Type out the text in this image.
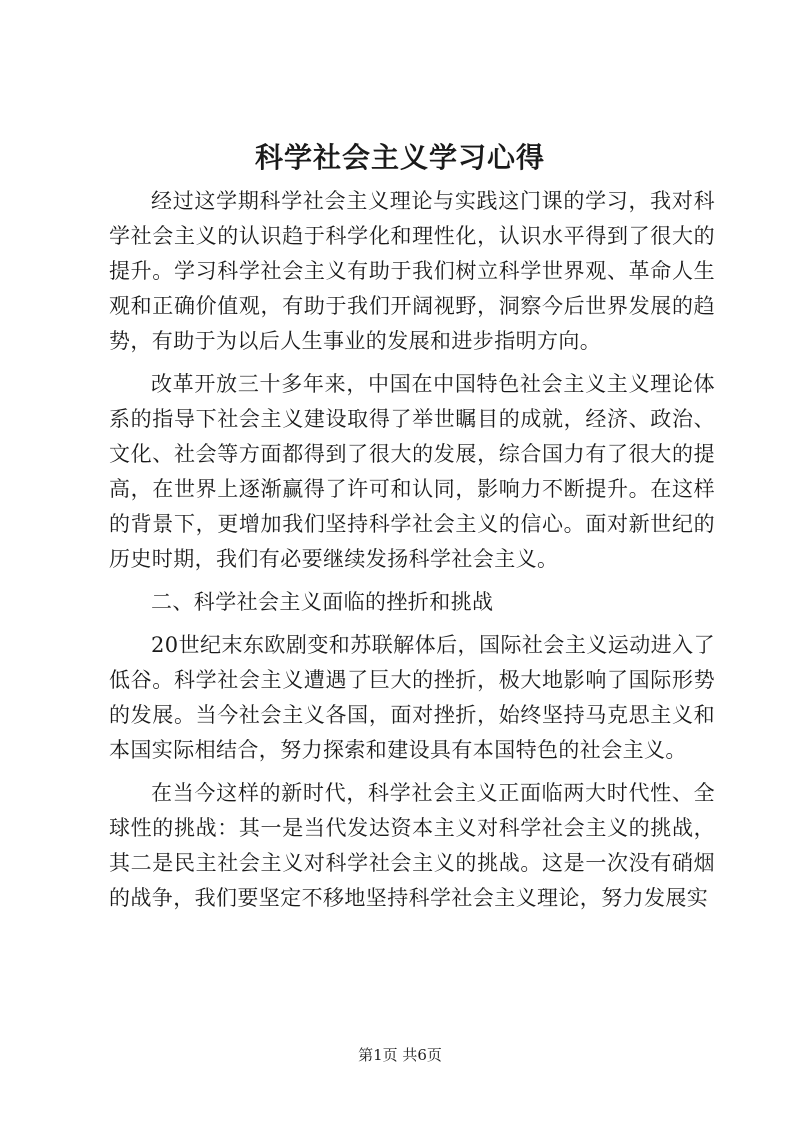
科学社会主义学习心得

经过这学期科学社会主义理论与实践这门课的学习，我对科学社会主义的认识趋于科学化和理性化，认识水平得到了很大的提升。学习科学社会主义有助于我们树立科学世界观、革命人生观和正确价值观，有助于我们开阔视野，洞察今后世界发展的趋势，有助于为以后人生事业的发展和进步指明方向。

改革开放三十多年来，中国在中国特色社会主义主义理论体系的指导下社会主义建设取得了举世瞩目的成就，经济、政治、文化、社会等方面都得到了很大的发展，综合国力有了很大的提高，在世界上逐渐赢得了许可和认同，影响力不断提升。在这样的背景下，更增加我们坚持科学社会主义的信心。面对新世纪的历史时期，我们有必要继续发扬科学社会主义。

二、科学社会主义面临的挫折和挑战

20世纪末东欧剧变和苏联解体后，国际社会主义运动进入了低谷。科学社会主义遭遇了巨大的挫折，极大地影响了国际形势的发展。当今社会主义各国，面对挫折，始终坚持马克思主义和本国实际相结合，努力探索和建设具有本国特色的社会主义。

在当今这样的新时代，科学社会主义正面临两大时代性、全球性的挑战：其一是当代发达资本主义对科学社会主义的挑战，其二是民主社会主义对科学社会主义的挑战。这是一次没有硝烟的战争，我们要坚定不移地坚持科学社会主义理论，努力发展实

第1页 共6页
